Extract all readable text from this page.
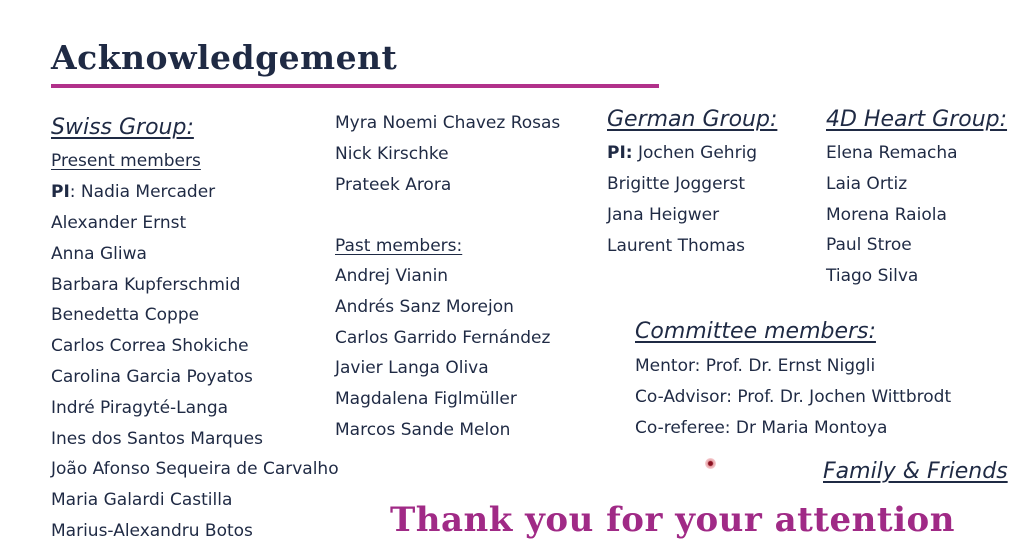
Acknowledgement
Swiss Group:
Present members
PI: Nadia Mercader
Alexander Ernst
Anna Gliwa
Barbara Kupferschmid
Benedetta Coppe
Carlos Correa Shokiche
Carolina Garcia Poyatos
Indré Piragyté-Langa
Ines dos Santos Marques
João Afonso Sequeira de Carvalho
Maria Galardi Castilla
Marius-Alexandru Botos
Myra Noemi Chavez Rosas
Nick Kirschke
Prateek Arora
Past members:
Andrej Vianin
Andrés Sanz Morejon
Carlos Garrido Fernández
Javier Langa Oliva
Magdalena Figlmüller
Marcos Sande Melon
German Group:
PI: Jochen Gehrig
Brigitte Joggerst
Jana Heigwer
Laurent Thomas
4D Heart Group:
Elena Remacha
Laia Ortiz
Morena Raiola
Paul Stroe
Tiago Silva
Committee members:
Mentor: Prof. Dr. Ernst Niggli
Co-Advisor: Prof. Dr. Jochen Wittbrodt
Co-referee: Dr Maria Montoya
Family & Friends
Thank you for your attention
